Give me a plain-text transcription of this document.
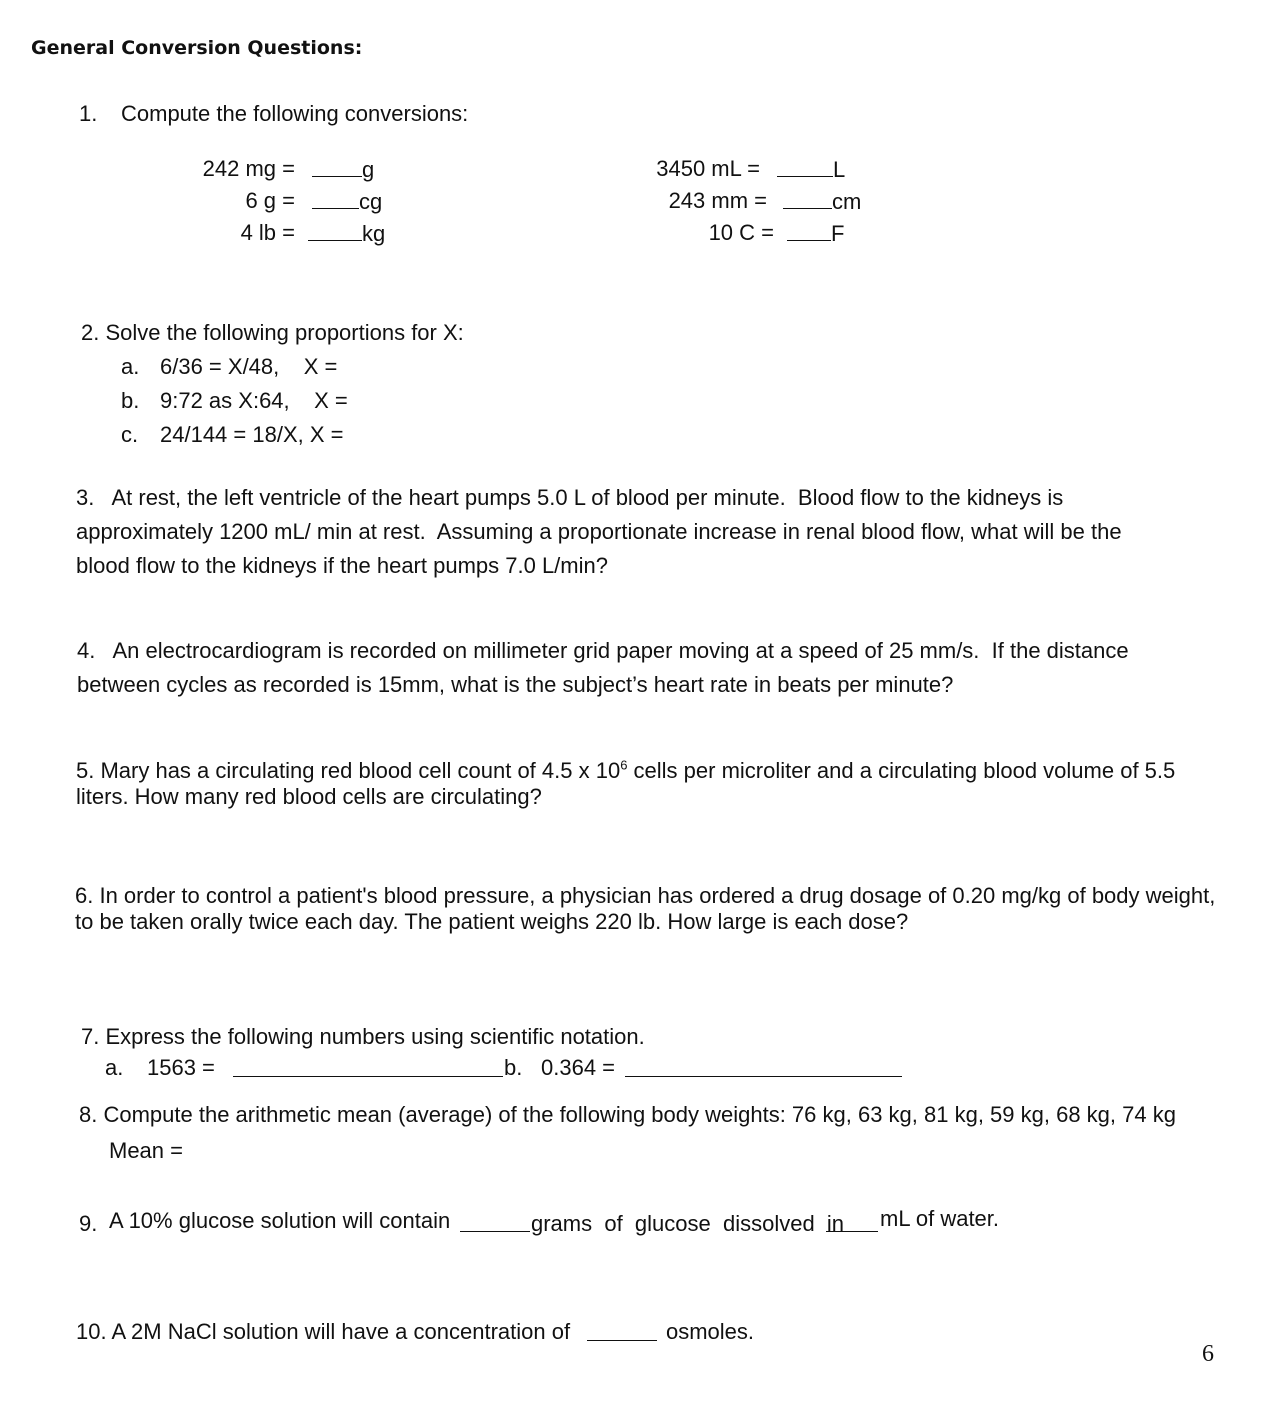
General Conversion Questions:
1. Compute the following conversions:
242 mg =	g
6 g =	cg
4 lb =	kg
3450 mL =	L
243 mm =	cm
10 C =	F
2. Solve the following proportions for X:
a. 6/36 = X/48,    X =
b. 9:72 as X:64,    X =
c. 24/144 = 18/X, X =
3.   At rest, the left ventricle of the heart pumps 5.0 L of blood per minute.  Blood flow to the kidneys is approximately 1200 mL/ min at rest.  Assuming a proportionate increase in renal blood flow, what will be the blood flow to the kidneys if the heart pumps 7.0 L/min?
4.   An electrocardiogram is recorded on millimeter grid paper moving at a speed of 25 mm/s.  If the distance between cycles as recorded is 15mm, what is the subject’s heart rate in beats per minute?
5. Mary has a circulating red blood cell count of 4.5 x $10^6$ cells per microliter and a circulating blood volume of 5.5 liters. How many red blood cells are circulating?
6. In order to control a patient's blood pressure, a physician has ordered a drug dosage of 0.20 mg/kg of body weight, to be taken orally twice each day. The patient weighs 220 lb. How large is each dose?
7. Express the following numbers using scientific notation.
a. 1563 =	b. 0.364 =
8. Compute the arithmetic mean (average) of the following body weights: 76 kg, 63 kg, 81 kg, 59 kg, 68 kg, 74 kg
Mean =
9. A 10% glucose solution will contain	grams  of  glucose  dissolved  in mL of water.
10. A 2M NaCl solution will have a concentration of	osmoles.
6
